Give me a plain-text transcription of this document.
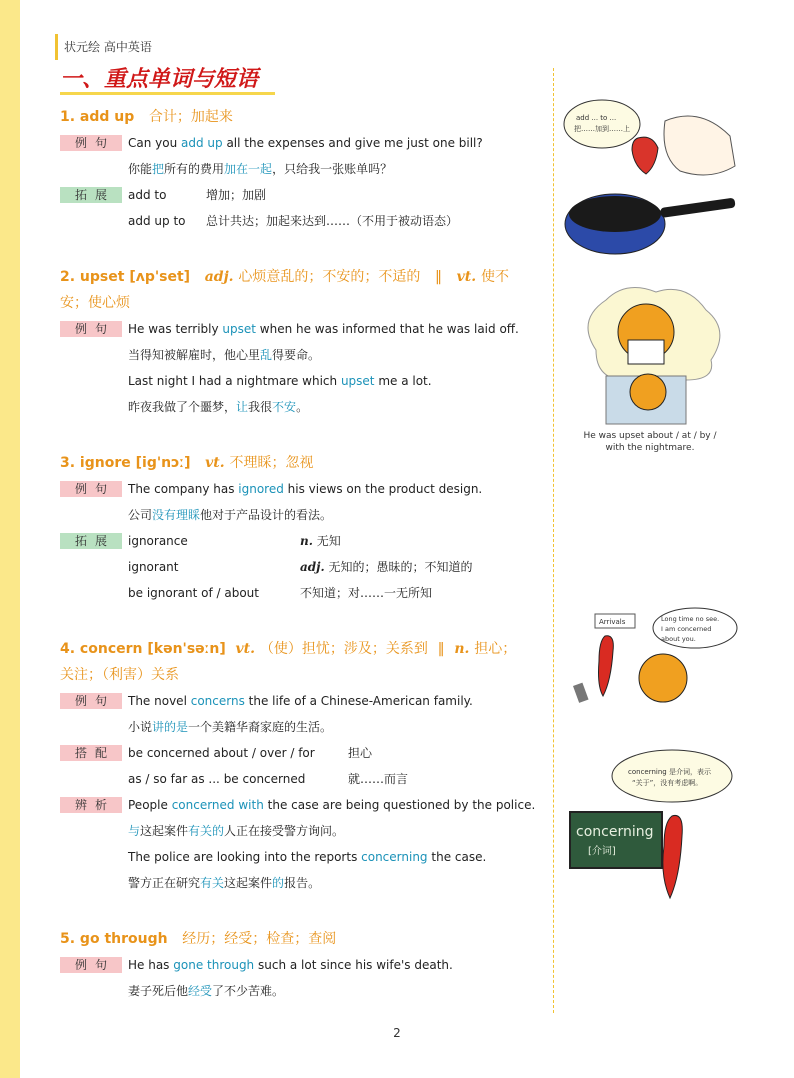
状元绘 高中英语
一、重点单词与短语
1. add up 合计；加起来
例句	Can you add up all the expenses and give me just one bill?
你能把所有的费用加在一起，只给我一张账单吗？
拓展	add to	增加；加剧
add up to 总计共达；加起来达到……（不用于被动语态）
2. upset [ʌp'set] adj. 心烦意乱的；不安的；不适的 ‖ vt. 使不
安；使心烦
例句	He was terribly upset when he was informed that he was laid off.
当得知被解雇时，他心里乱得要命。
Last night I had a nightmare which upset me a lot.
昨夜我做了个噩梦，让我很不安。
3. ignore [ig'nɔː] vt. 不理睬；忽视
例句	The company has ignored his views on the product design.
公司没有理睬他对于产品设计的看法。
拓展	ignorance	n. 无知
ignorant	adj. 无知的；愚昧的；不知道的
be ignorant of / about	不知道；对……一无所知
4. concern [kən'səːn] vt. （使）担忧；涉及；关系到 ‖ n. 担心；
关注；（利害）关系
例句	The novel concerns the life of a Chinese-American family.
小说讲的是一个美籍华裔家庭的生活。
搭配	be concerned about / over / for	担心
as / so far as ... be concerned	就……而言
辨析	People concerned with the case are being questioned by the police.
与这起案件有关的人正在接受警方询问。
The police are looking into the reports concerning the case.
警方正在研究有关这起案件的报告。
5. go through 经历；经受；检查；查阅
例句	He has gone through such a lot since his wife's death.
妻子死后他经受了不少苦难。
add ... to ...
把……加到……上
He was upset about / at / by /
with the nightmare.
Arrivals	Long time no see.
I am concerned
about you.
concerning 是介词，表示
“关于”，没有考虑啊。
concerning
[介词]
2
